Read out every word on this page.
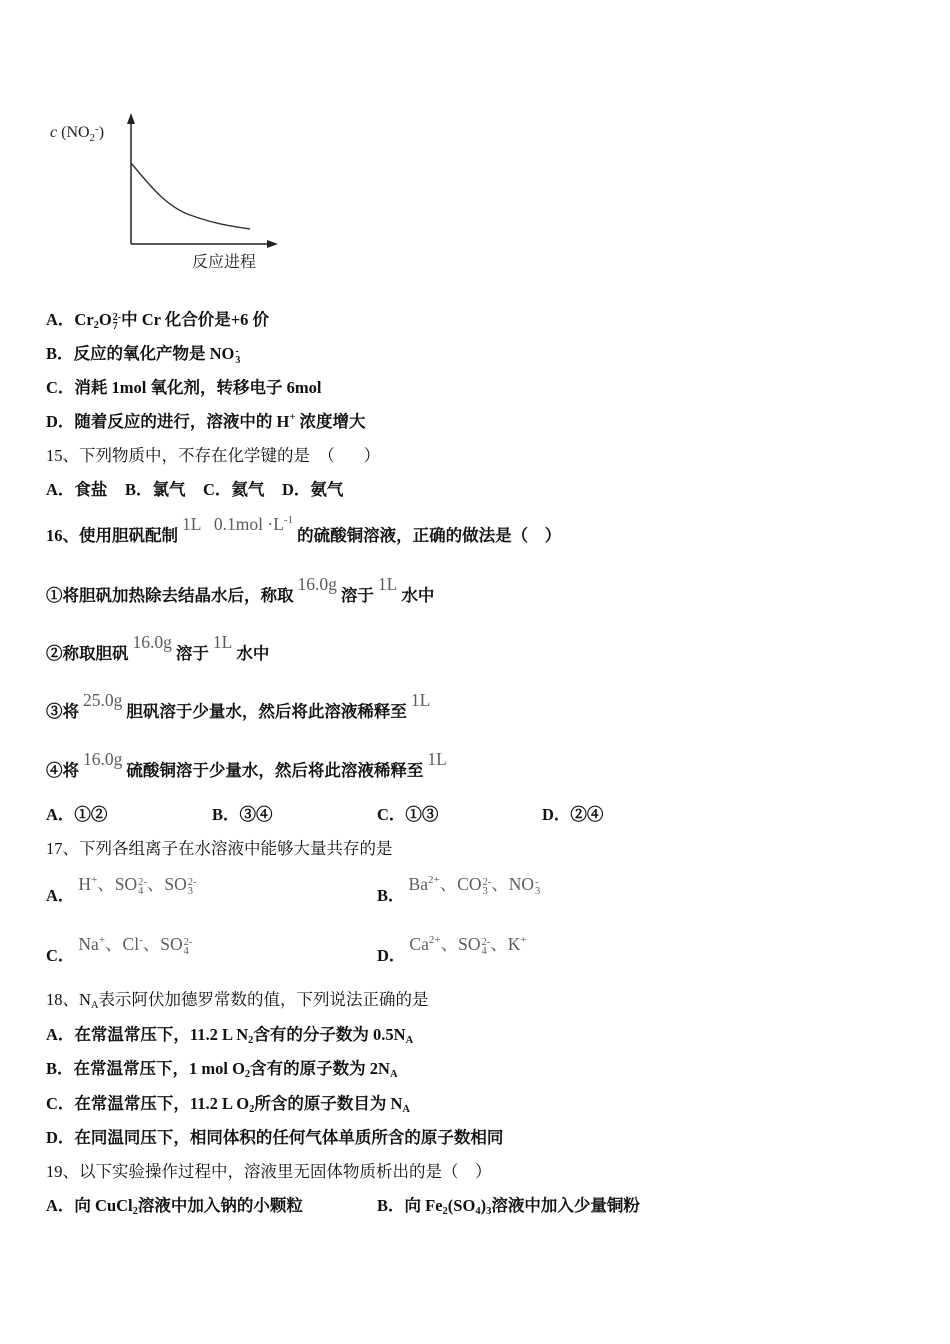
c $(NO_2^-)$
反应进程
A．$Cr_2O$ 2-
7 中 Cr 化合价是+6 价
B．反应的氧化产物是 NO -
3
C．消耗 1mol 氧化剂，转移电子 6mol
D．随着反应的进行，溶液中的 H+ 浓度增大
15、下列物质中，不存在化学键的是  （       ）
A．食盐 B．氯气 C．氦气 D．氨气
16、使用胆矾配制1L   $0.1mol \cdot L^{-1}$的硫酸铜溶液，正确的做法是（    ）
①将胆矾加热除去结晶水后，称取16.0g溶于1L水中
②称取胆矾16.0g溶于1L水中
③将25.0g胆矾溶于少量水，然后将此溶液稀释至1L
④将16.0g硫酸铜溶于少量水，然后将此溶液稀释至1L
A．①②	B．③④	C．①③	D．②④
17、下列各组离子在水溶液中能够大量共存的是
A．H+、SO 2-
4 、SO 2-
3	B．$Ba^{2+}$、CO 2-
3 、NO -
3
C．Na+、Cl-、SO 2-
4	D．$Ca^{2+}$、SO 2-
4 、K+
18、$N_A$表示阿伏加德罗常数的值，下列说法正确的是
A．在常温常压下，11.2 L $N_2$含有的分子数为 $0.5N_A$
B．在常温常压下，1 mol $O_2$含有的原子数为 $2N_A$
C．在常温常压下，11.2 L $O_2$所含的原子数目为 $N_A$
D．在同温同压下，相同体积的任何气体单质所含的原子数相同
19、以下实验操作过程中，溶液里无固体物质析出的是（    ）
A．向 CuCl$_2$溶液中加入钠的小颗粒	B．向 $Fe_2(SO_4)_3$溶液中加入少量铜粉
